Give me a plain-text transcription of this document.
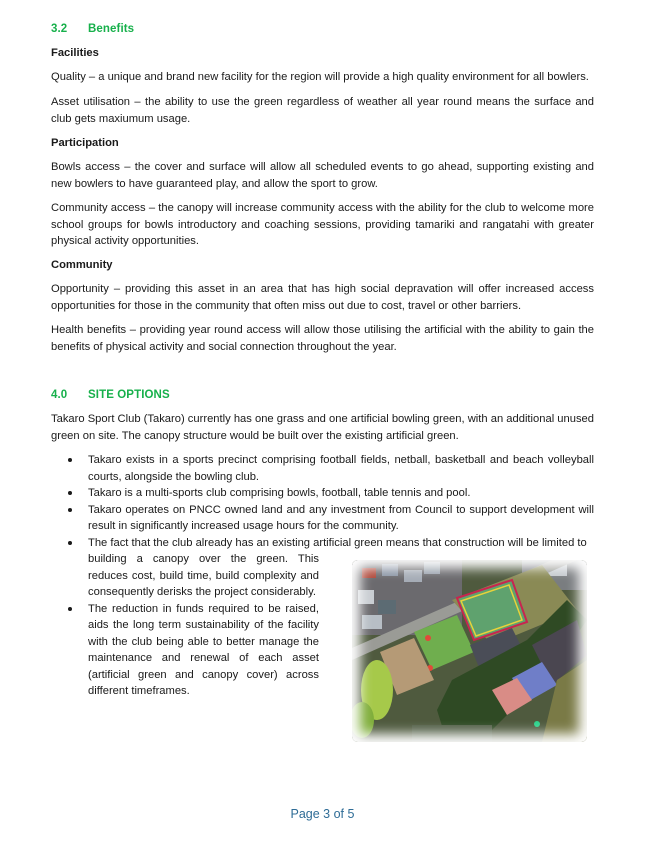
3.2 Benefits
Facilities
Quality – a unique and brand new facility for the region will provide a high quality environment for all bowlers.
Asset utilisation – the ability to use the green regardless of weather all year round means the surface and club gets maxiumum usage.
Participation
Bowls access – the cover and surface will allow all scheduled events to go ahead, supporting existing and new bowlers to have guaranteed play, and allow the sport to grow.
Community access – the canopy will increase community access with the ability for the club to welcome more school groups for bowls introductory and coaching sessions, providing tamariki and rangatahi with greater physical activity opportunities.
Community
Opportunity – providing this asset in an area that has high social depravation will offer increased access opportunities for those in the community that often miss out due to cost, travel or other barriers.
Health benefits – providing year round access will allow those utilising the artificial with the ability to gain the benefits of physical activity and social connection throughout the year.
4.0 SITE OPTIONS
Takaro Sport Club (Takaro) currently has one grass and one artificial bowling green, with an additional unused green on site. The canopy structure would be built over the existing artificial green.
Takaro exists in a sports precinct comprising football fields, netball, basketball and beach volleyball courts, alongside the bowling club.
Takaro is a multi-sports club comprising bowls, football, table tennis and pool.
Takaro operates on PNCC owned land and any investment from Council to support development will result in significantly increased usage hours for the community.
The fact that the club already has an existing artificial green means that construction will be limited to
building a canopy over the green. This reduces cost, build time, build complexity and consequently derisks the project considerably.
The reduction in funds required to be raised, aids the long term sustainability of the facility with the club being able to better manage the maintenance and renewal of each asset (artificial green and canopy cover) across different timeframes.
Page 3 of 5
